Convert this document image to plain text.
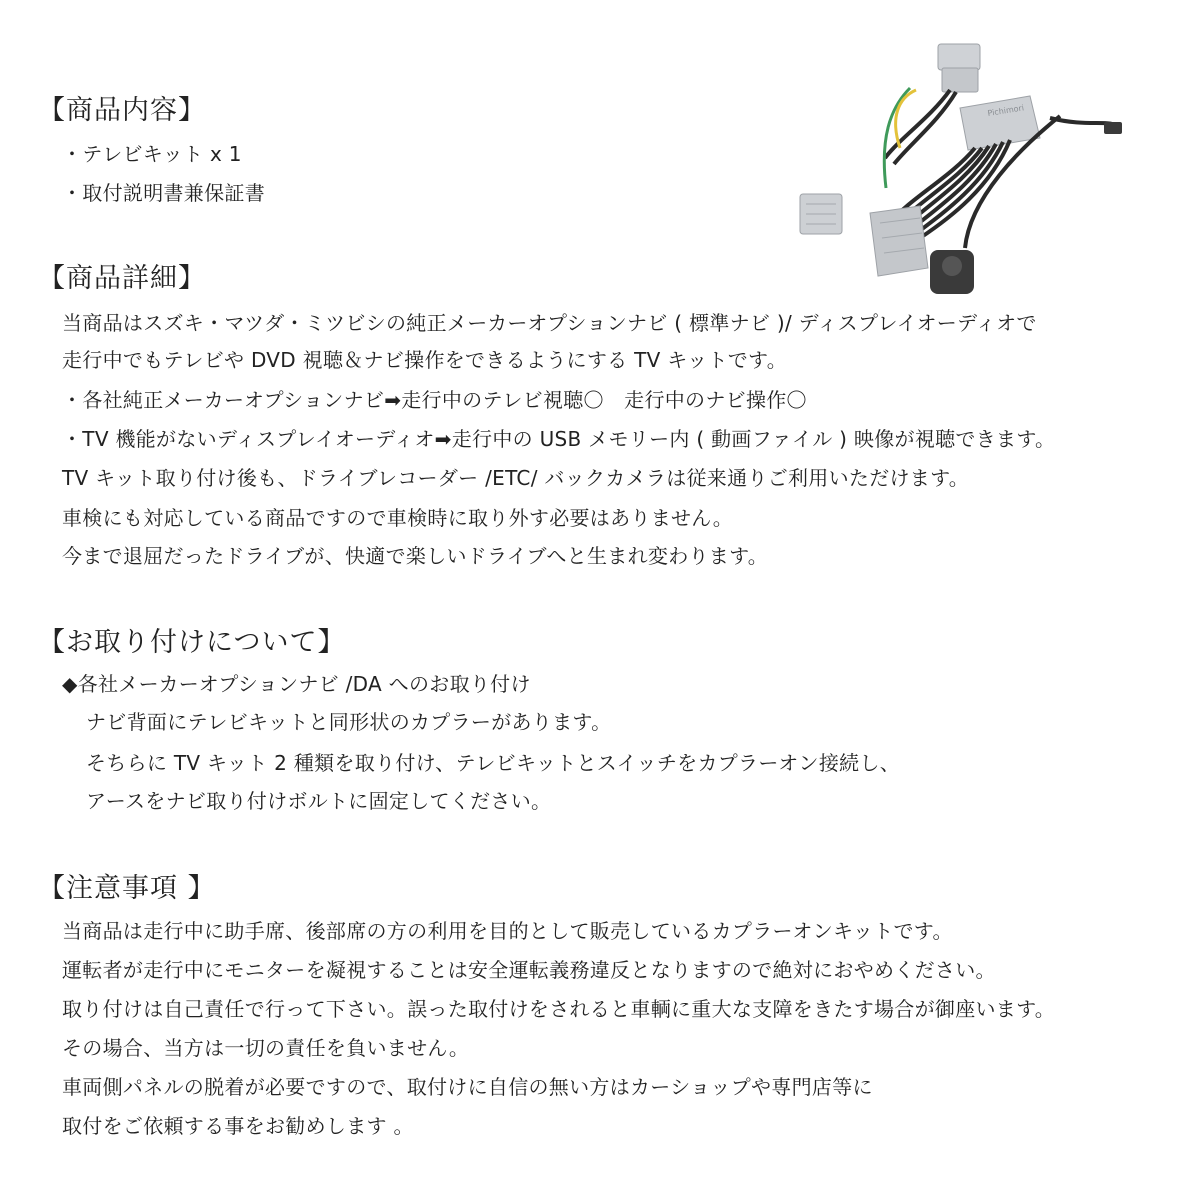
【商品内容】
・テレビキット x 1
・取付説明書兼保証書
Pichimori
【商品詳細】
当商品はスズキ・マツダ・ミツビシの純正メーカーオプションナビ ( 標準ナビ )/ ディスプレイオーディオで
走行中でもテレビや DVD 視聴＆ナビ操作をできるようにする TV キットです。
・各社純正メーカーオプションナビ➡走行中のテレビ視聴〇　走行中のナビ操作〇
・TV 機能がないディスプレイオーディオ➡走行中の USB メモリー内 ( 動画ファイル ) 映像が視聴できます。
TV キット取り付け後も、ドライブレコーダー /ETC/ バックカメラは従来通りご利用いただけます。
車検にも対応している商品ですので車検時に取り外す必要はありません。
今まで退屈だったドライブが、快適で楽しいドライブへと生まれ変わります。
【お取り付けについて】
◆各社メーカーオプションナビ /DA へのお取り付け
ナビ背面にテレビキットと同形状のカプラーがあります。
そちらに TV キット 2 種類を取り付け、テレビキットとスイッチをカプラーオン接続し、
アースをナビ取り付けボルトに固定してください。
【注意事項 】
当商品は走行中に助手席、後部席の方の利用を目的として販売しているカプラーオンキットです。
運転者が走行中にモニターを凝視することは安全運転義務違反となりますので絶対におやめください。
取り付けは自己責任で行って下さい。誤った取付けをされると車輌に重大な支障をきたす場合が御座います。
その場合、当方は一切の責任を負いません。
車両側パネルの脱着が必要ですので、取付けに自信の無い方はカーショップや専門店等に
取付をご依頼する事をお勧めします 。
